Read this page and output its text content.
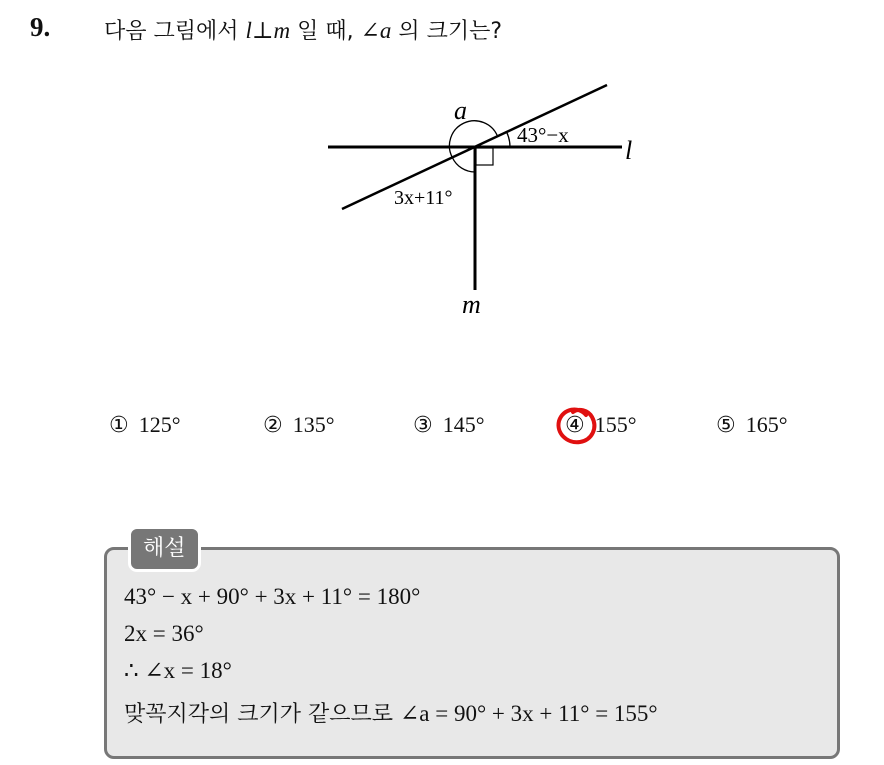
9. 다음 그림에서 l⊥m 일 때, ∠a 의 크기는?
a
l
m
43°−x
3x+11°
① 125°	② 135°	③ 145°	④ 155°	⑤ 165°
해설
43° − x + 90° + 3x + 11° = 180°
2x = 36°
∴ ∠x = 18°
맞꼭지각의 크기가 같으므로 ∠a = 90° + 3x + 11° = 155°
